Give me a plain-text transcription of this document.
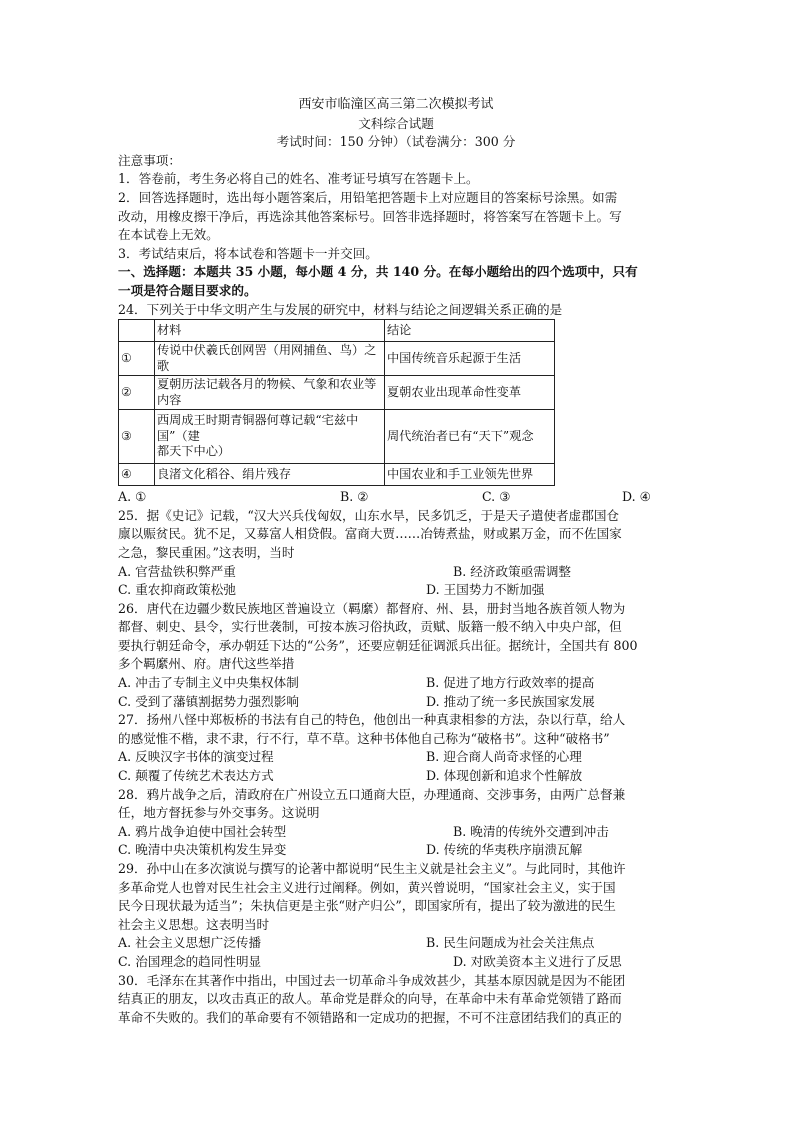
西安市临潼区高三第二次模拟考试
文科综合试题
考试时间：150 分钟）（试卷满分：300 分
注意事项：
1．答卷前，考生务必将自己的姓名、准考证号填写在答题卡上。
2．回答选择题时，选出每小题答案后，用铅笔把答题卡上对应题目的答案标号涂黑。如需
改动，用橡皮擦干净后，再选涂其他答案标号。回答非选择题时，将答案写在答题卡上。写
在本试卷上无效。
3．考试结束后，将本试卷和答题卡一并交回。
一、选择题：本题共 35 小题，每小题 4 分，共 140 分。在每小题给出的四个选项中，只有
一项是符合题目要求的。
24．下列关于中华文明产生与发展的研究中，材料与结论之间逻辑关系正确的是
	材料	结论
①	传说中伏羲氏创网罟（用网捕鱼、鸟）之歌	中国传统音乐起源于生活
②	夏朝历法记载各月的物候、气象和农业等内容	夏朝农业出现革命性变革
③	西周成王时期青铜器何尊记载“宅兹中国”（建
都天下中心）	周代统治者已有“天下”观念
④	良渚文化稻谷、绢片残存	中国农业和手工业领先世界
A. ①	B. ②	C. ③	D. ④
25．据《史记》记载，“汉大兴兵伐匈奴，山东水旱，民多饥乏，于是天子遣使者虚郡国仓
廪以赈贫民。犹不足，又募富人相贷假。富商大贾……冶铸煮盐，财或累万金，而不佐国家
之急，黎民重困。”这表明，当时
A. 官营盐铁积弊严重	B. 经济政策亟需调整
C. 重农抑商政策松弛	D. 王国势力不断加强
26．唐代在边疆少数民族地区普遍设立（羁縻）都督府、州、县，册封当地各族首领人物为
都督、刺史、县令，实行世袭制，可按本族习俗执政，贡赋、版籍一般不纳入中央户部，但
要执行朝廷命令，承办朝廷下达的“公务”，还要应朝廷征调派兵出征。据统计，全国共有 800
多个羁縻州、府。唐代这些举措
A. 冲击了专制主义中央集权体制	B. 促进了地方行政效率的提高
C. 受到了藩镇割据势力强烈影响	D. 推动了统一多民族国家发展
27．扬州八怪中郑板桥的书法有自己的特色，他创出一种真隶相参的方法，杂以行草，给人
的感觉惟不楷，隶不隶，行不行，草不草。这种书体他自己称为“破格书”。这种“破格书”
A. 反映汉字书体的演变过程	B. 迎合商人尚奇求怪的心理
C. 颠覆了传统艺术表达方式	D. 体现创新和追求个性解放
28．鸦片战争之后，清政府在广州设立五口通商大臣，办理通商、交涉事务，由两广总督兼
任，地方督抚参与外交事务。这说明
A. 鸦片战争迫使中国社会转型	B. 晚清的传统外交遭到冲击
C. 晚清中央决策机构发生异变	D. 传统的华夷秩序崩溃瓦解
29．孙中山在多次演说与撰写的论著中都说明“民生主义就是社会主义”。与此同时，其他许
多革命党人也曾对民生社会主义进行过阐释。例如，黄兴曾说明，“国家社会主义，实于国
民今日现状最为适当”；朱执信更是主张“财产归公”，即国家所有，提出了较为激进的民生
社会主义思想。这表明当时
A. 社会主义思想广泛传播	B. 民生问题成为社会关注焦点
C. 治国理念的趋同性明显	D. 对欧美资本主义进行了反思
30．毛泽东在其著作中指出，中国过去一切革命斗争成效甚少，其基本原因就是因为不能团
结真正的朋友，以攻击真正的敌人。革命党是群众的向导，在革命中未有革命党领错了路而
革命不失败的。我们的革命要有不领错路和一定成功的把握，不可不注意团结我们的真正的
